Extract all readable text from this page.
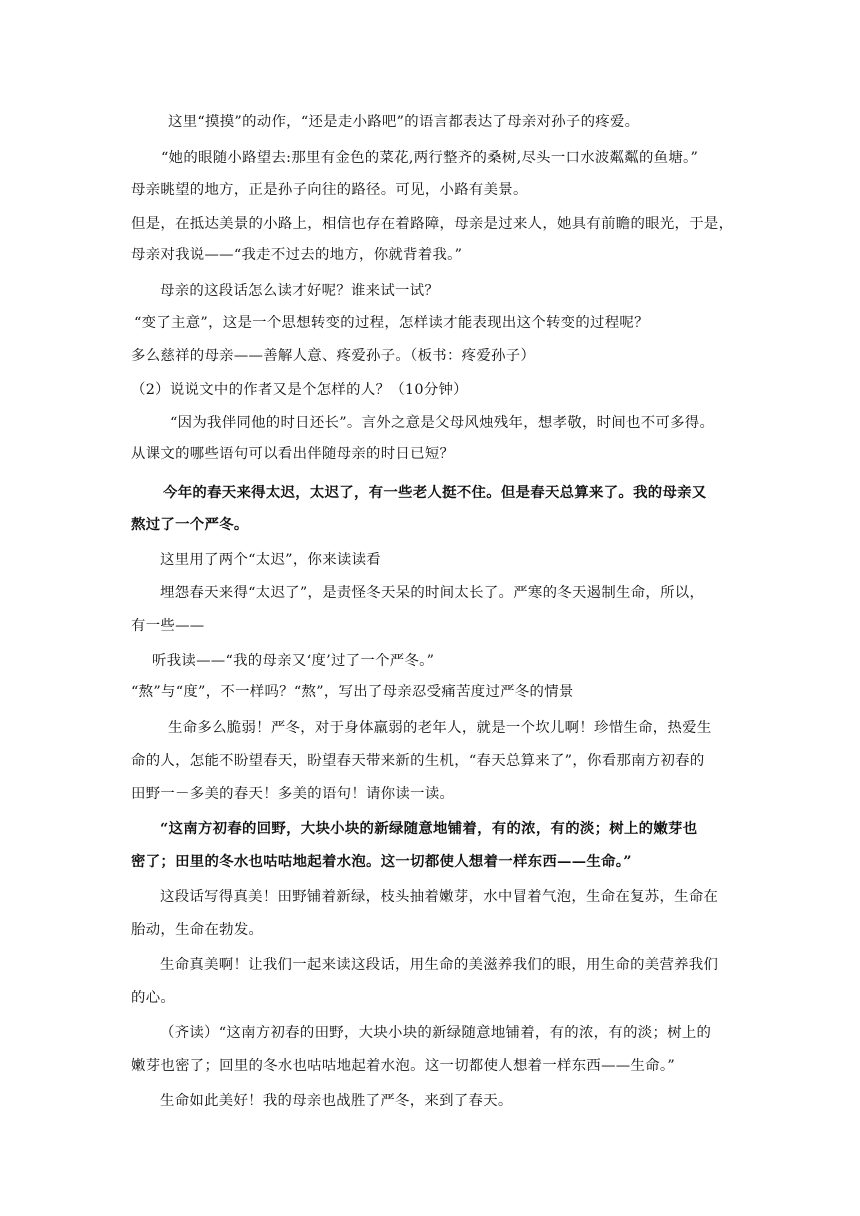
这里“摸摸”的动作，“还是走小路吧”的语言都表达了母亲对孙子的疼爱。
“她的眼随小路望去:那里有金色的菜花,两行整齐的桑树,尽头一口水波粼粼的鱼塘。”
母亲眺望的地方，正是孙子向往的路径。可见，小路有美景。
但是，在抵达美景的小路上，相信也存在着路障，母亲是过来人，她具有前瞻的眼光，于是，
母亲对我说——“我走不过去的地方，你就背着我。”
母亲的这段话怎么读才好呢？谁来试一试？
“变了主意”，这是一个思想转变的过程，怎样读才能表现出这个转变的过程呢？
多么慈祥的母亲——善解人意、疼爱孙子。（板书：疼爱孙子）
（2）说说文中的作者又是个怎样的人？（10分钟）
“因为我伴同他的时日还长”。言外之意是父母风烛残年，想孝敬，时间也不可多得。
从课文的哪些语句可以看出伴随母亲的时日已短？
今年的春天来得太迟，太迟了，有一些老人挺不住。但是春天总算来了。我的母亲又
熬过了一个严冬。
这里用了两个“太迟”，你来读读看
埋怨春天来得“太迟了”，是责怪冬天呆的时间太长了。严寒的冬天遏制生命，所以，
有一些——
听我读——“我的母亲又‘度’过了一个严冬。”
“熬”与“度”，不一样吗？“熬”，写出了母亲忍受痛苦度过严冬的情景
生命多么脆弱！严冬，对于身体羸弱的老年人，就是一个坎儿啊！珍惜生命，热爱生
命的人，怎能不盼望春天，盼望春天带来新的生机，“春天总算来了”，你看那南方初春的
田野一－多美的春天！多美的语句！请你读一读。
“这南方初春的回野，大块小块的新绿随意地铺着，有的浓，有的淡；树上的嫩芽也
密了；田里的冬水也咕咕地起着水泡。这一切都使人想着一样东西——生命。”
这段话写得真美！田野铺着新绿，枝头抽着嫩芽，水中冒着气泡，生命在复苏，生命在
胎动，生命在勃发。
生命真美啊！让我们一起来读这段话，用生命的美滋养我们的眼，用生命的美营养我们
的心。
（齐读）“这南方初春的田野，大块小块的新绿随意地铺着，有的浓，有的淡；树上的
嫩芽也密了；回里的冬水也咕咕地起着水泡。这一切都使人想着一样东西——生命。”
生命如此美好！我的母亲也战胜了严冬，来到了春天。
